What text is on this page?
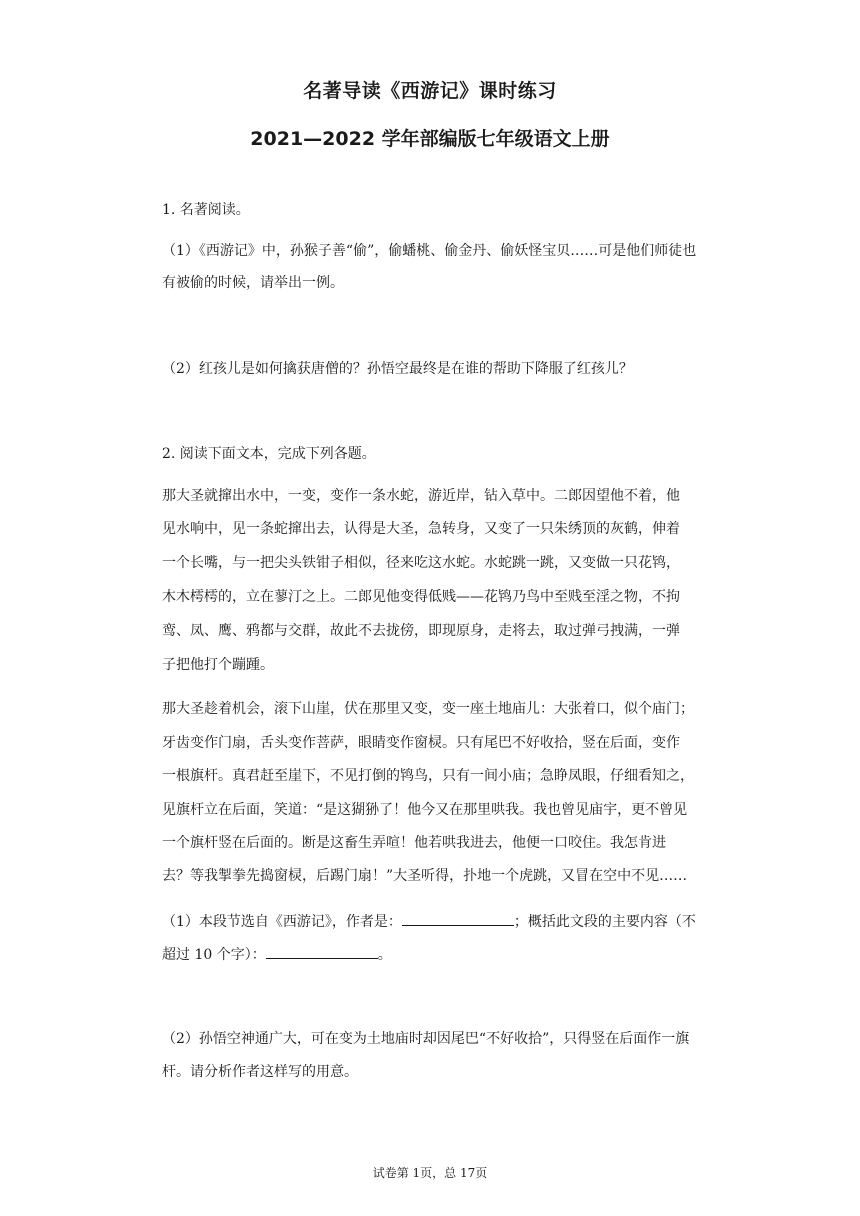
名著导读《西游记》课时练习
2021—2022 学年部编版七年级语文上册
1. 名著阅读。
（1）《西游记》中，孙猴子善“偷”，偷蟠桃、偷金丹、偷妖怪宝贝……可是他们师徒也
有被偷的时候，请举出一例。
（2）红孩儿是如何擒获唐僧的？孙悟空最终是在谁的帮助下降服了红孩儿？
2. 阅读下面文本，完成下列各题。
那大圣就撺出水中，一变，变作一条水蛇，游近岸，钻入草中。二郎因望他不着，他
见水响中，见一条蛇撺出去，认得是大圣，急转身，又变了一只朱绣顶的灰鹤，伸着
一个长嘴，与一把尖头铁钳子相似，径来吃这水蛇。水蛇跳一跳，又变做一只花鸨，
木木樗樗的，立在蓼汀之上。二郎见他变得低贱——花鸨乃鸟中至贱至淫之物，不拘
鸾、凤、鹰、鸦都与交群，故此不去拢傍，即现原身，走将去，取过弹弓拽满，一弹
子把他打个蹦踵。
那大圣趁着机会，滚下山崖，伏在那里又变，变一座土地庙儿：大张着口，似个庙门；
牙齿变作门扇，舌头变作菩萨，眼睛变作窗棂。只有尾巴不好收拾，竖在后面，变作
一根旗杆。真君赶至崖下，不见打倒的鸨鸟，只有一间小庙；急睁凤眼，仔细看知之，
见旗杆立在后面，笑道：“是这猢狲了！他今又在那里哄我。我也曾见庙宇，更不曾见
一个旗杆竖在后面的。断是这畜生弄喧！他若哄我进去，他便一口咬住。我怎肯进
去？等我掣拳先捣窗棂，后踢门扇！”大圣听得，扑地一个虎跳，又冒在空中不见……
（1）本段节选自《西游记》，作者是：	；概括此文段的主要内容（不
超过 10 个字）：	。
（2）孙悟空神通广大，可在变为土地庙时却因尾巴“不好收拾”，只得竖在后面作一旗
杆。请分析作者这样写的用意。
试卷第 1页，总 17页
